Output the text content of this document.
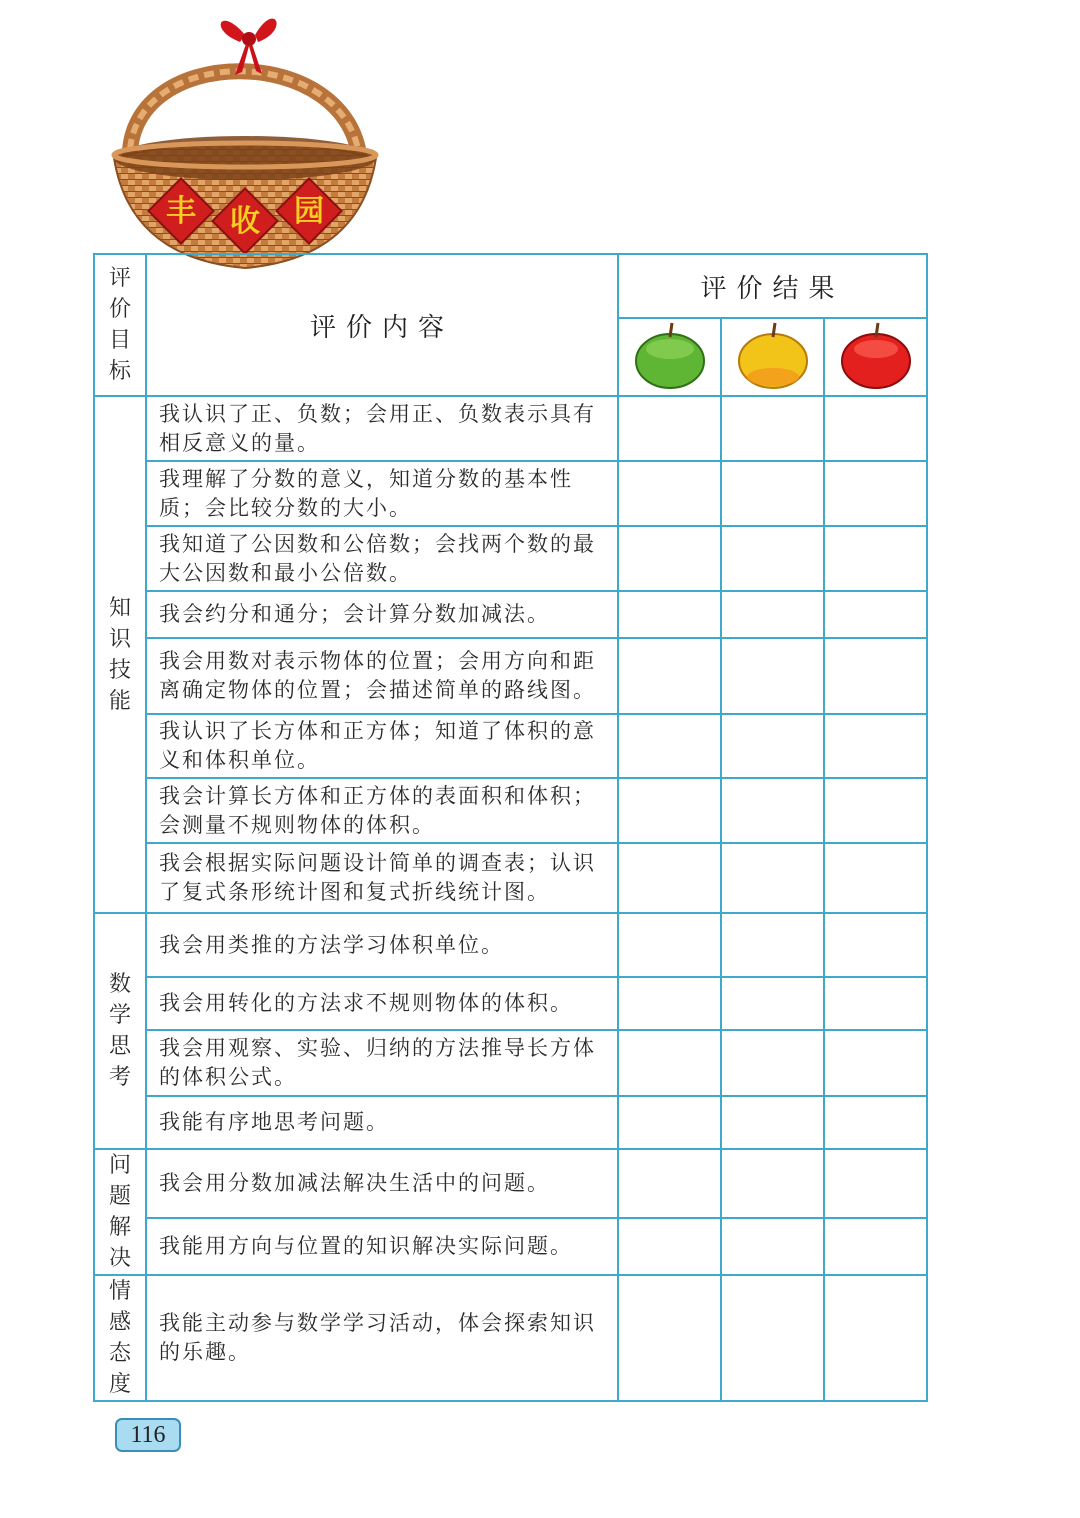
丰 收 园
评价目标	评价内容	评价结果		

知识技能	我认识了正、负数；会用正、负数表示具有相反意义的量。			
	我理解了分数的意义，知道分数的基本性质；会比较分数的大小。			
	我知道了公因数和公倍数；会找两个数的最大公因数和最小公倍数。			
	我会约分和通分；会计算分数加减法。			
	我会用数对表示物体的位置；会用方向和距离确定物体的位置；会描述简单的路线图。			
	我认识了长方体和正方体；知道了体积的意义和体积单位。			
	我会计算长方体和正方体的表面积和体积；会测量不规则物体的体积。			
	我会根据实际问题设计简单的调查表；认识了复式条形统计图和复式折线统计图。			
数学思考	我会用类推的方法学习体积单位。			
	我会用转化的方法求不规则物体的体积。			
	我会用观察、实验、归纳的方法推导长方体的体积公式。			
	我能有序地思考问题。			
问题解决	我会用分数加减法解决生活中的问题。			
	我能用方向与位置的知识解决实际问题。			
情感态度	我能主动参与数学学习活动，体会探索知识的乐趣。			
116
